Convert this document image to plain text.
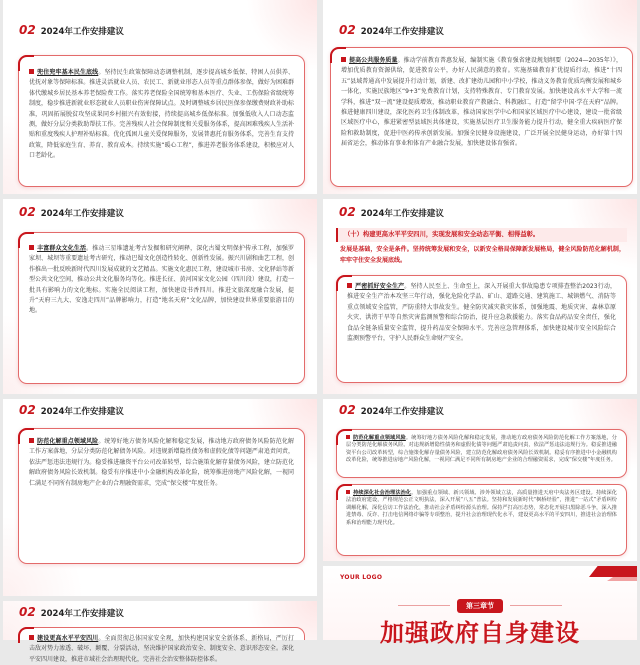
02 2024年工作安排建议

兜住兜牢基本民生底线。坚持民生政策保障动态调整机制，逐步提高城乡低保、特困人员供养、优抚对象等保障标准。推进灵活就业人员、农民工、新就业形态人员等重点群体参保，做好为困难群体代缴城乡居民基本养老保险费工作。落实养老保险全国统筹和基本医疗、失业、工伤保险省级统筹制度，稳步推进新就业形态就业人员职业伤害保障试点。及时调整城乡居民医保参保缴费财政补助标准，巩固拓展脱贫攻坚成果同乡村振兴有效衔接，持续提高城乡低保标准。加强低收入人口动态监测，做好分层分类救助帮扶工作。完善残疾人社会保障制度和关爱服务体系，提高困难残疾人生活补贴和重度残疾人护理补贴标准。优化孤困儿童关爱保障服务，发展普惠托育服务体系，完善生育支持政策，降低家庭生育、养育、教育成本。持续实施“暖心工程”，推进养老服务体系建设，积极应对人口老龄化。

02 2024年工作安排建议

提高公共服务质量。推动学前教育普惠发展，编制实施《教育强省建设规划纲要（2024—2035年）》，增加优质教育资源供给，促进教育公平，办好人民满意的教育。实施基础教育扩优提质行动，推进“十四五”县域普通高中发展提升行动计划，新建、改扩建幼儿园和中小学校，推动义务教育优质均衡发展和城乡一体化，实施民族地区“9+3”免费教育计划，支持特殊教育、专门教育发展。加快建设高水平大学和一流学科，推进“双一流”建设提质增效，推动职业教育产教融合、科教融汇，打造“留学中国·学在天府”品牌。推进健康四川建设，深化医药卫生体制改革，推动国家医学中心和国家区域医疗中心建设，建设一批省级区域医疗中心，推进紧密型县域医共体建设，实施基层医疗卫生服务能力提升行动，健全重大疾病医疗保险和救助制度，促进中医药传承创新发展。加强全民健身设施建设，广泛开展全民健身运动，办好第十四届省运会，推动体育事业和体育产业融合发展，加快建设体育强省。

02 2024年工作安排建议

丰富群众文化生活。推动三星堆遗址考古发掘和研究阐释，深化古蜀文明保护传承工程，加强罗家坝、城坝等重要遗址考古研究，推动巴蜀文化创造性转化、创新性发展。振兴川剧和曲艺工程，创作推出一批反映新时代四川发展成就的文艺精品。实施文化惠民工程，建设城市书房、文化驿站等新型公共文化空间，推动公共文化服务均等化。推进长征、黄河国家文化公园（四川段）建设，打造一批具有影响力的文化地标。实施全民阅读工程，加快建设书香四川。推进文旅深度融合发展，提升“天府三九大、安逸走四川”品牌影响力，打造“地名天府”文化品牌，加快建设世界重要旅游目的地。

02 2024年工作安排建议
（十）构建更高水平平安四川，实现发展和安全动态平衡、相得益彰。

发展是基础，安全是条件。坚持统筹发展和安全，以新安全格局保障新发展格局，健全风险防范化解机制，牢牢守住安全发展底线。

严密抓好安全生产。坚持人民至上、生命至上，深入开展重大事故隐患专项排查整治2023行动，推进安全生产治本攻坚三年行动，强化危险化学品、矿山、道路交通、建筑施工、城镇燃气、消防等重点领域安全监管，严防重特大事故发生。健全防灾减灾救灾体系，加强地震、地质灾害、森林草原火灾、洪涝干旱等自然灾害监测预警和综合防治，提升应急救援能力。落实食品药品安全责任，强化食品全链条质量安全监管，提升药品安全保障水平。完善应急管理体系，加快建设城市安全风险综合监测预警平台，守护人民群众生命财产安全。

02 2024年工作安排建议

防范化解重点领域风险。统筹好地方债务风险化解和稳定发展，推动地方政府债务风险防范化解工作方案落地，分层分类防范化解债务风险。对违规新增隐性债务和虚假化债等问题严肃追责问责，依法严惩违法违规行为。稳妥推进融资平台公司改革转型，综合施策化解存量债务风险，建立防范化解政府债务风险长效机制。稳妥有序推进中小金融机构改革化险，统筹推进房地产风险化解，一视同仁满足不同所有制房地产企业的合理融资需求，完成“保交楼”年度任务。

02 2024年工作安排建议

防范化解重点领域风险。统筹好地方债务风险化解和稳定发展，推动地方政府债务风险防范化解工作方案落地，分层分类防范化解债务风险。对违规新增隐性债务和虚假化债等问题严肃追责问责，依法严惩违法违规行为。稳妥推进融资平台公司改革转型，综合施策化解存量债务风险，建立防范化解政府债务风险长效机制。稳妥有序推进中小金融机构改革化险，统筹推进房地产风险化解，一视同仁满足不同所有制房地产企业的合理融资需求，完成“保交楼”年度任务。

持续深化社会治理法治化。加强重点领域、新兴领域、涉外领域立法，高质量推进天府中央法务区建设。持续深化法治政府建设，严格规范公正文明执法，深入开展“八五”普法。坚持和发展新时代“枫桥经验”，推进“一站式”矛盾纠纷调解化解，深化信访工作法治化，推动社会矛盾纠纷源头治理。保持严打高压态势，常态化开展扫黑除恶斗争，深入推进禁毒、反诈、打击电信网络诈骗等专项整治，提升社会治理现代化水平，建设更高水平的平安四川，推进社会治理体系和治理能力现代化。

02 2024年工作安排建议

建设更高水平平安四川。全面贯彻总体国家安全观，加快构建国家安全新体系、新格局，严厉打击敌对势力渗透、破坏、颠覆、分裂活动，坚决维护国家政治安全、制度安全、意识形态安全。深化平安四川建设，推进市域社会治理现代化，完善社会治安整体防控体系。

YOUR LOGO
第三章节
加强政府自身建设
